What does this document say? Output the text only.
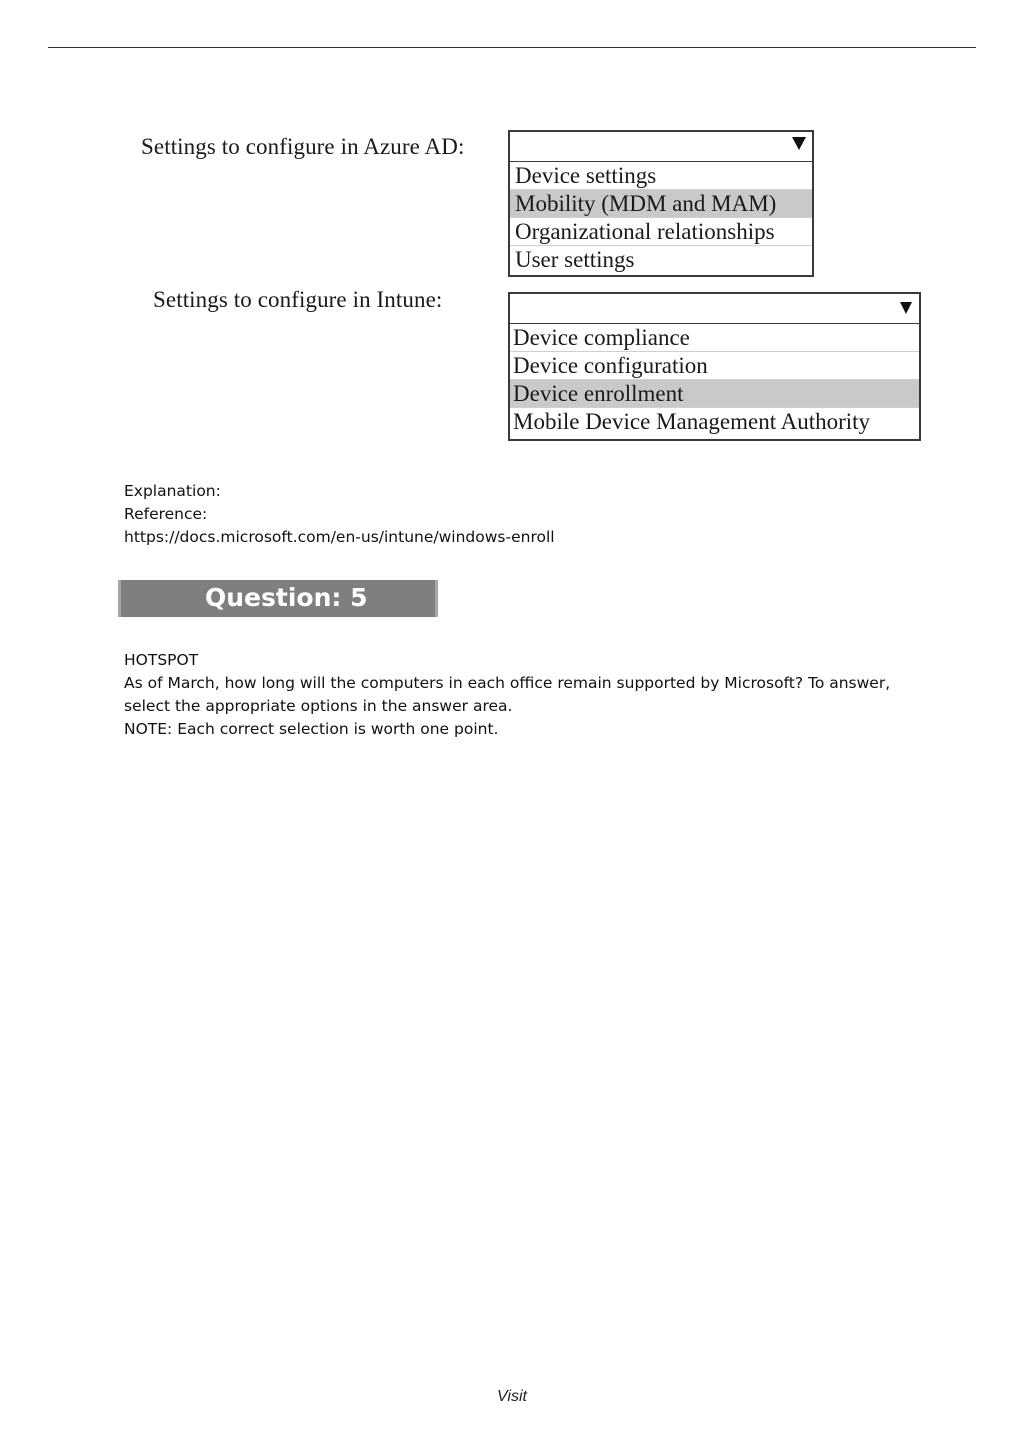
Settings to configure in Azure AD:
Device settings
Mobility (MDM and MAM)
Organizational relationships
User settings
Settings to configure in Intune:
Device compliance
Device configuration
Device enrollment
Mobile Device Management Authority
Explanation:
Reference:
https://docs.microsoft.com/en-us/intune/windows-enroll
Question: 5
HOTSPOT
As of March, how long will the computers in each office remain supported by Microsoft? To answer,
select the appropriate options in the answer area.
NOTE: Each correct selection is worth one point.
Visit
